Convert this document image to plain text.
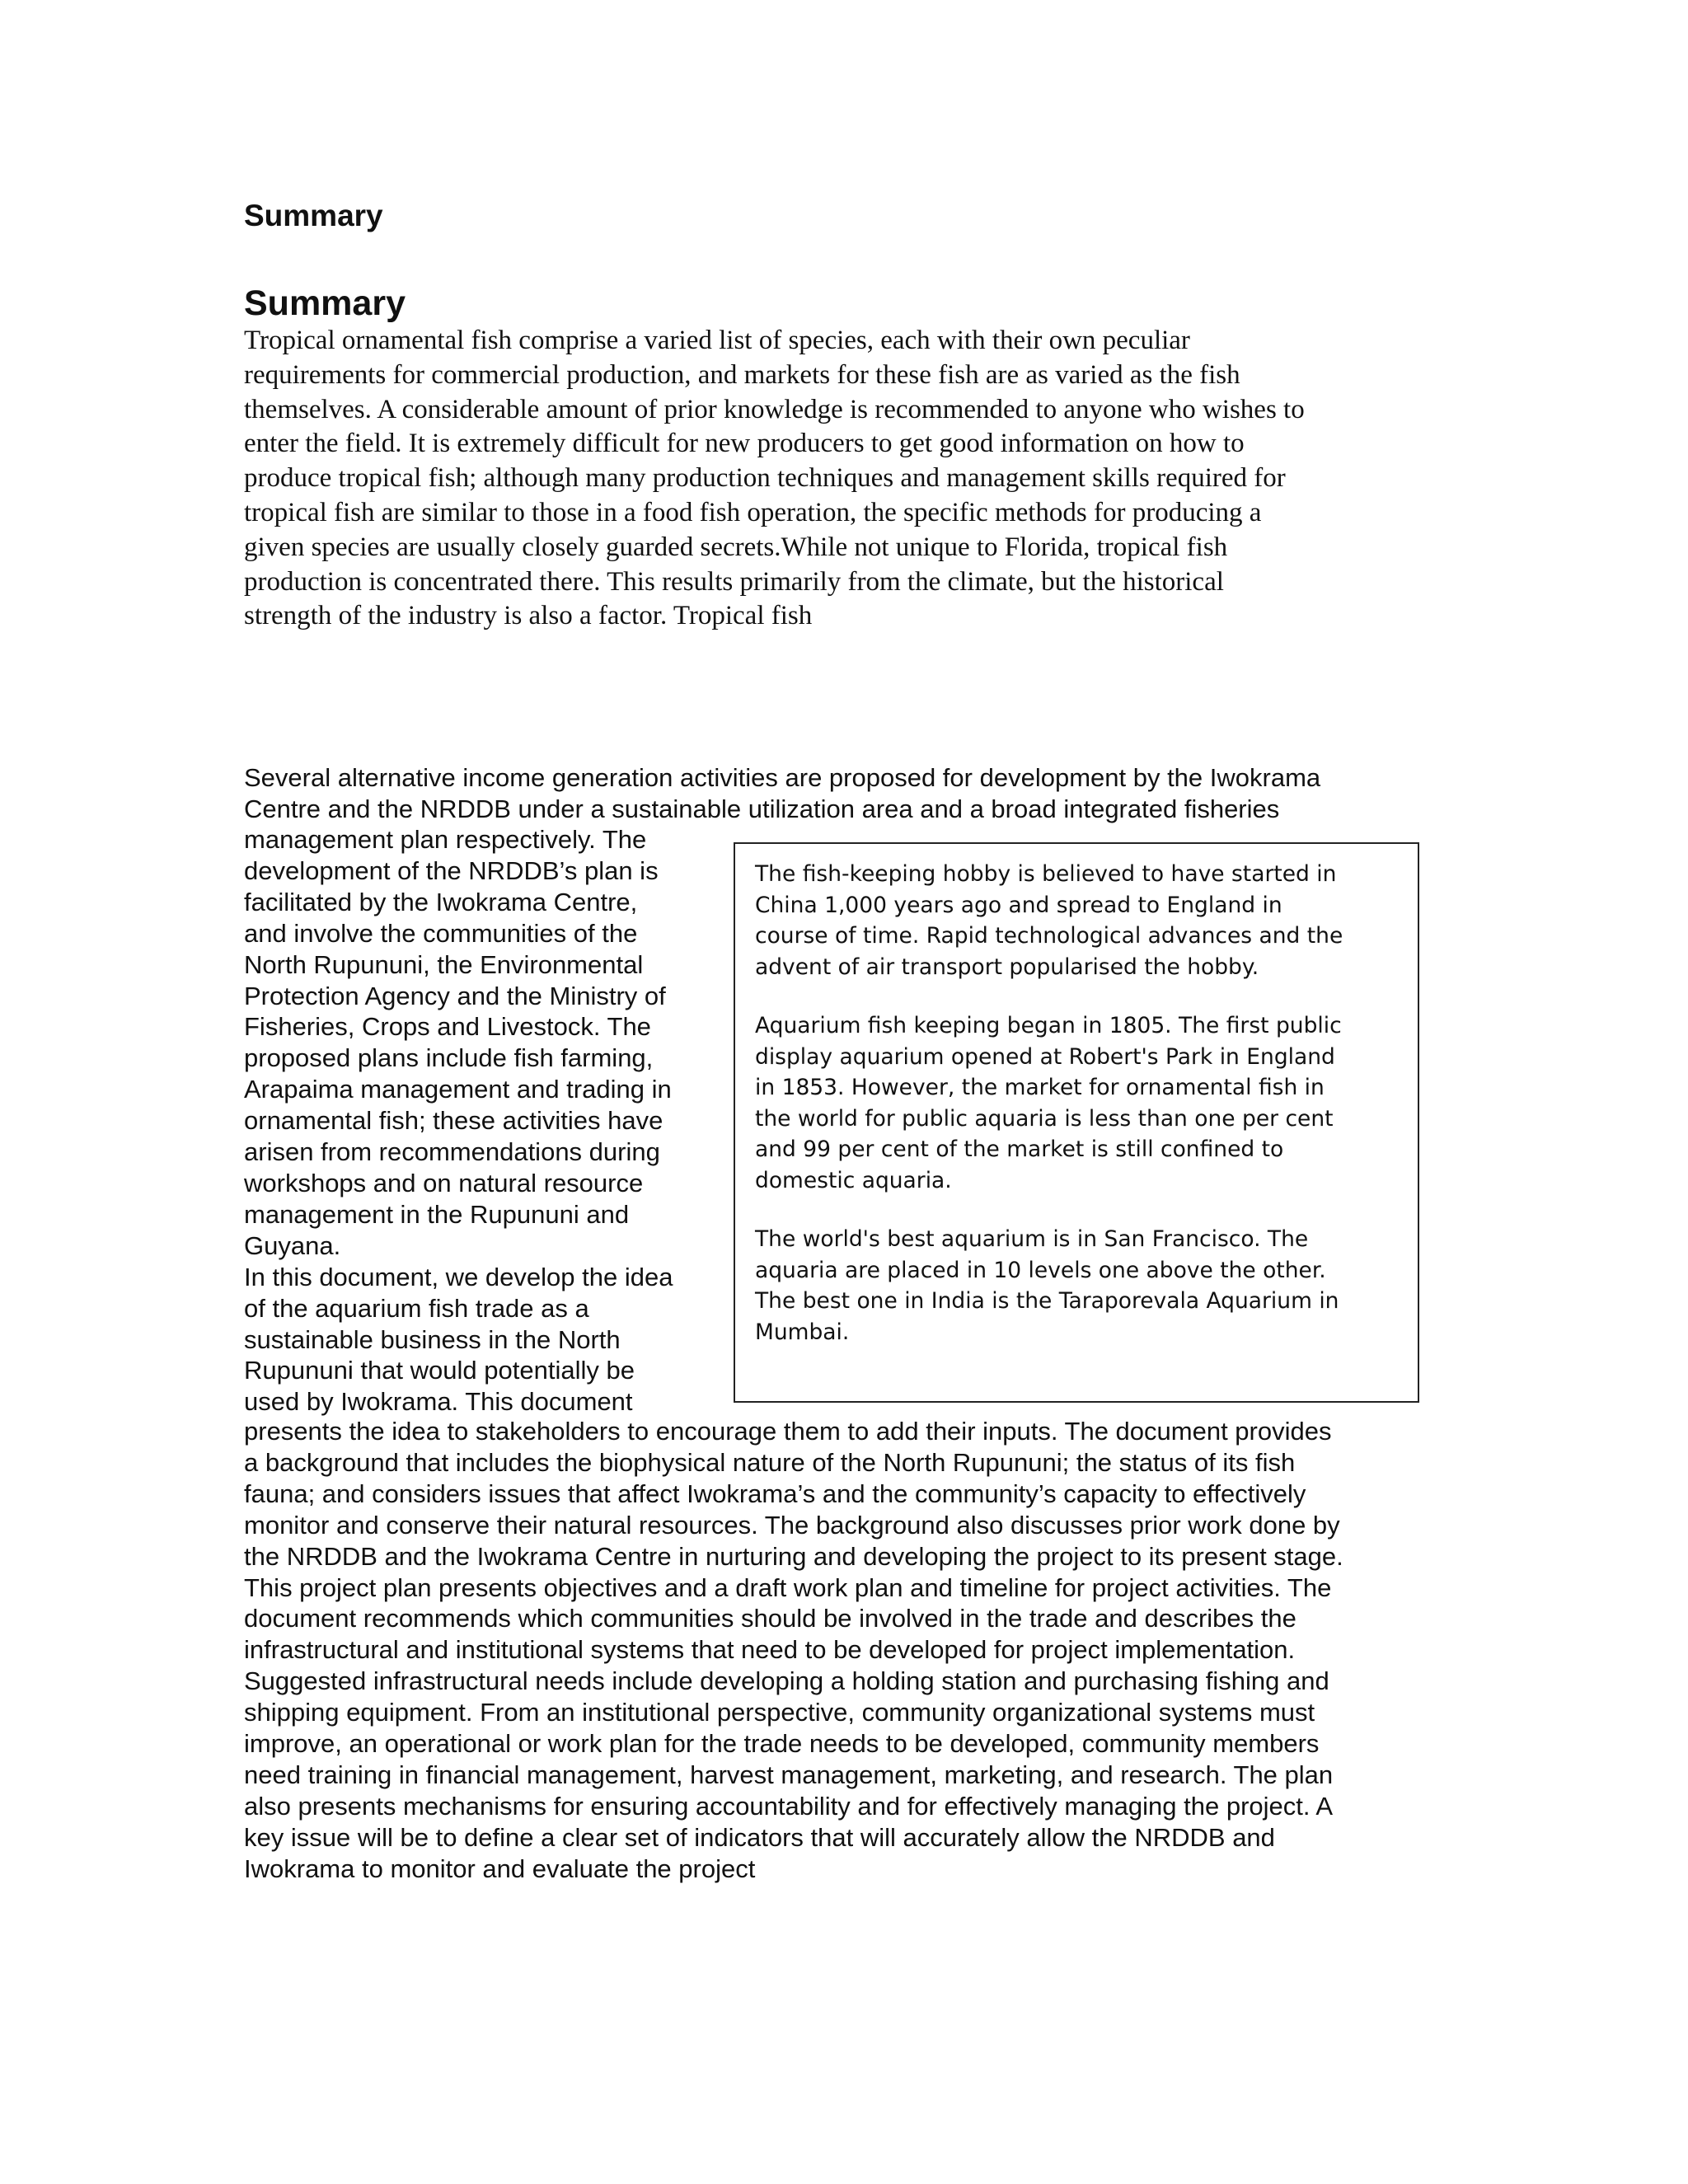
Summary
Summary

Tropical ornamental fish comprise a varied list of species, each with their own peculiar
requirements for commercial production, and markets for these fish are as varied as the fish
themselves. A considerable amount of prior knowledge is recommended to anyone who wishes to
enter the field. It is extremely difficult for new producers to get good information on how to
produce tropical fish; although many production techniques and management skills required for
tropical fish are similar to those in a food fish operation, the specific methods for producing a
given species are usually closely guarded secrets.While not unique to Florida, tropical fish
production is concentrated there. This results primarily from the climate, but the historical
strength of the industry is also a factor. Tropical fish

Several alternative income generation activities are proposed for development by the Iwokrama
Centre and the NRDDB under a sustainable utilization area and a broad integrated fisheries

management plan respectively. The
development of the NRDDB’s plan is
facilitated by the Iwokrama Centre,
and involve the communities of the
North Rupununi, the Environmental
Protection Agency and the Ministry of
Fisheries, Crops and Livestock. The
proposed plans include fish farming,
Arapaima management and trading in
ornamental fish; these activities have
arisen from recommendations during
workshops and on natural resource
management in the Rupununi and
Guyana.
In this document, we develop the idea
of the aquarium fish trade as a
sustainable business in the North
Rupununi that would potentially be
used by Iwokrama. This document

The fish-keeping hobby is believed to have started in
China 1,000 years ago and spread to England in
course of time. Rapid technological advances and the
advent of air transport popularised the hobby.

Aquarium fish keeping began in 1805. The first public
display aquarium opened at Robert's Park in England
in 1853. However, the market for ornamental fish in
the world for public aquaria is less than one per cent
and 99 per cent of the market is still confined to
domestic aquaria.

The world's best aquarium is in San Francisco. The
aquaria are placed in 10 levels one above the other.
The best one in India is the Taraporevala Aquarium in
Mumbai.

presents the idea to stakeholders to encourage them to add their inputs. The document provides
a background that includes the biophysical nature of the North Rupununi; the status of its fish
fauna; and considers issues that affect Iwokrama’s and the community’s capacity to effectively
monitor and conserve their natural resources. The background also discusses prior work done by
the NRDDB and the Iwokrama Centre in nurturing and developing the project to its present stage.
This project plan presents objectives and a draft work plan and timeline for project activities. The
document recommends which communities should be involved in the trade and describes the
infrastructural and institutional systems that need to be developed for project implementation.
Suggested infrastructural needs include developing a holding station and purchasing fishing and
shipping equipment. From an institutional perspective, community organizational systems must
improve, an operational or work plan for the trade needs to be developed, community members
need training in financial management, harvest management, marketing, and research. The plan
also presents mechanisms for ensuring accountability and for effectively managing the project. A
key issue will be to define a clear set of indicators that will accurately allow the NRDDB and
Iwokrama to monitor and evaluate the project
